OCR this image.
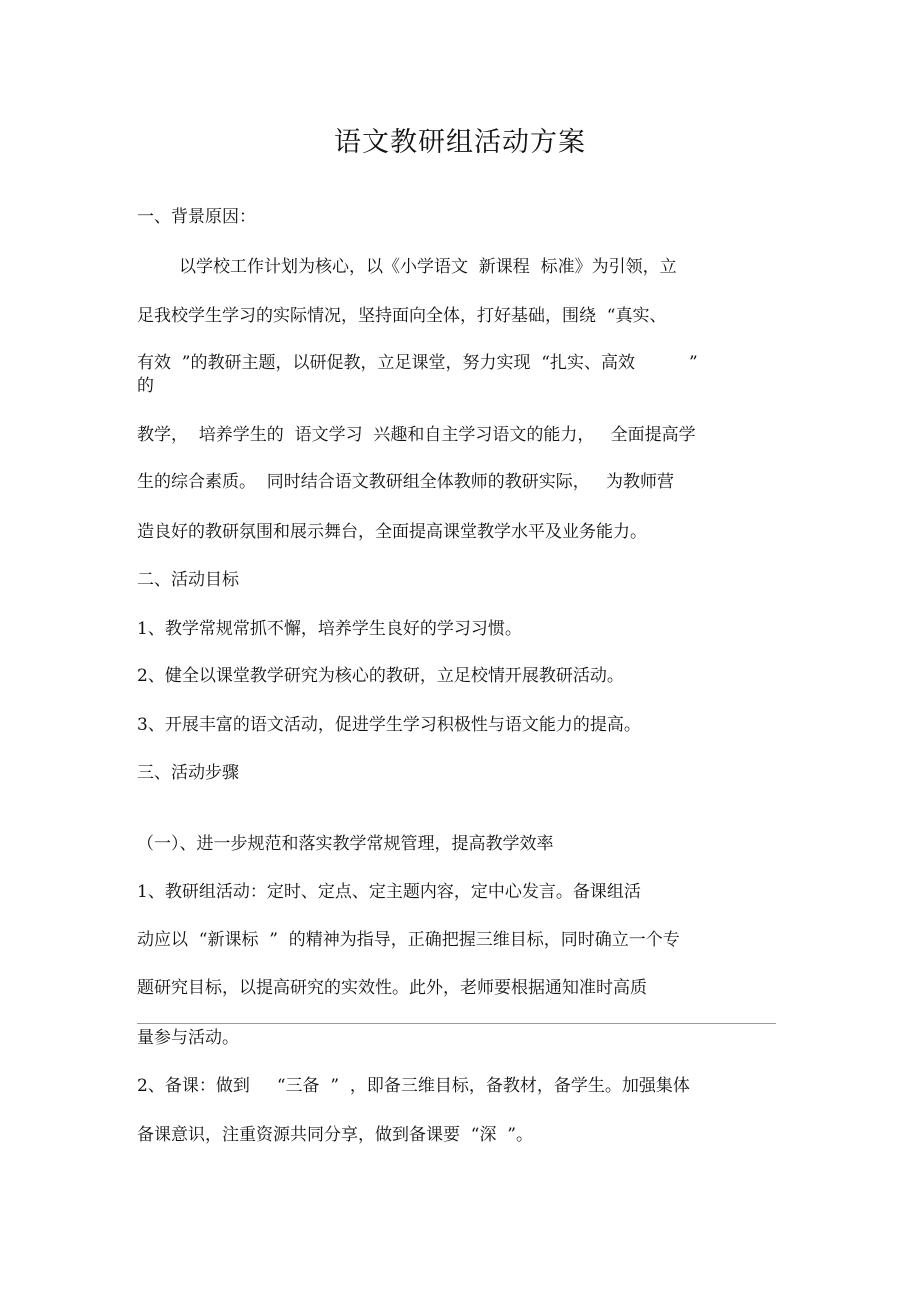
语文教研组活动方案
一、背景原因：
以学校工作计划为核心，以《小学语文  新课程  标准》为引领，立
足我校学生学习的实际情况，坚持面向全体，打好基础，围绕  “真实、
有效  ”的教研主题，以研促教，立足课堂，努力实现  “扎实、高效          ”
的
教学，  培养学生的  语文学习  兴趣和自主学习语文的能力，   全面提高学
生的综合素质。  同时结合语文教研组全体教师的教研实际，   为教师营
造良好的教研氛围和展示舞台，全面提高课堂教学水平及业务能力。
二、活动目标
1、教学常规常抓不懈，培养学生良好的学习习惯。
2、健全以课堂教学研究为核心的教研，立足校情开展教研活动。
3、开展丰富的语文活动，促进学生学习积极性与语文能力的提高。
三、活动步骤
（一）、进一步规范和落实教学常规管理，提高教学效率
1、教研组活动：定时、定点、定主题内容，定中心发言。备课组活
动应以  “新课标  ”  的精神为指导，正确把握三维目标，同时确立一个专
题研究目标，以提高研究的实效性。此外，老师要根据通知准时高质
量参与活动。
2、备课：做到     “三备  ”  ，即备三维目标，备教材，备学生。加强集体
备课意识，注重资源共同分享，做到备课要  “深  ”。
